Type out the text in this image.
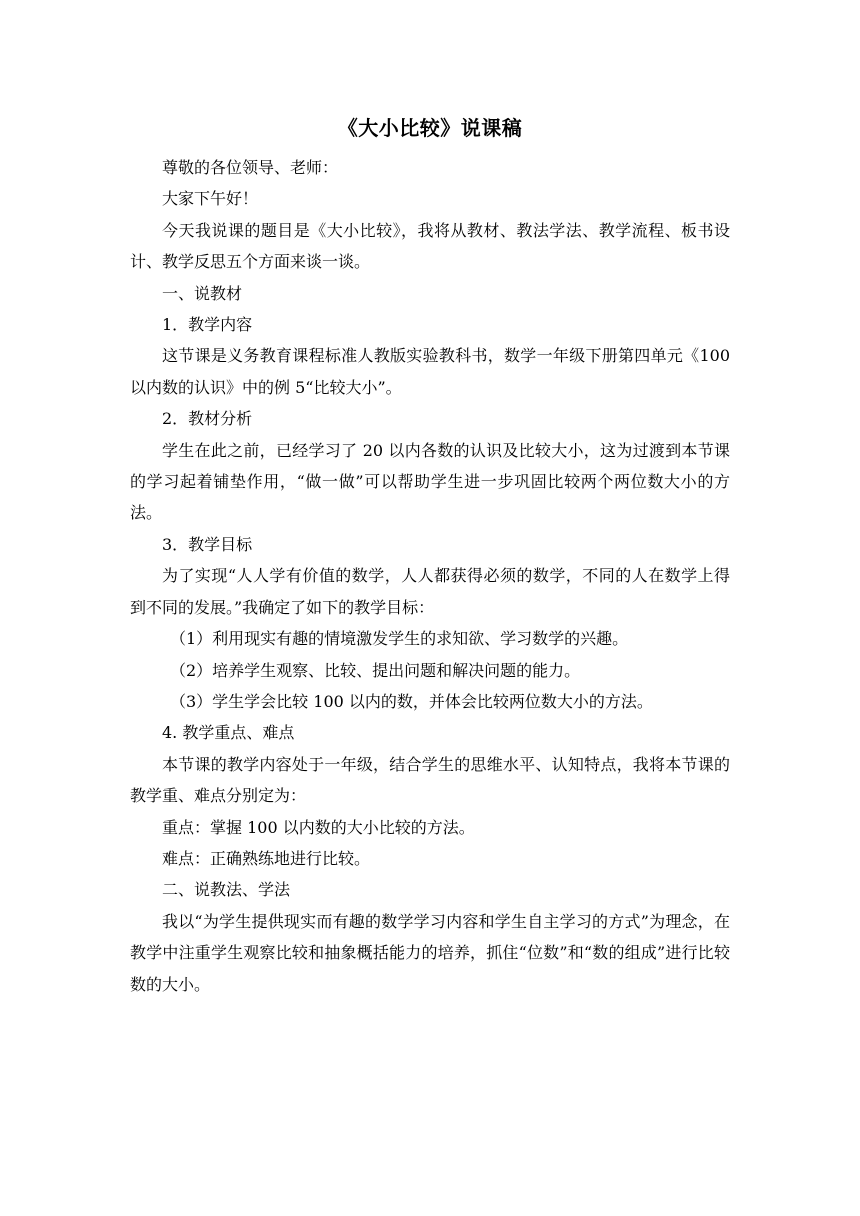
《大小比较》说课稿

尊敬的各位领导、老师：

大家下午好！

今天我说课的题目是《大小比较》，我将从教材、教法学法、教学流程、板书设计、教学反思五个方面来谈一谈。

一、说教材

1．教学内容

这节课是义务教育课程标准人教版实验教科书，数学一年级下册第四单元《100 以内数的认识》中的例 5“比较大小”。

2．教材分析

学生在此之前，已经学习了 20 以内各数的认识及比较大小，这为过渡到本节课的学习起着铺垫作用，“做一做”可以帮助学生进一步巩固比较两个两位数大小的方法。

3．教学目标

为了实现“人人学有价值的数学，人人都获得必须的数学，不同的人在数学上得到不同的发展。”我确定了如下的教学目标：

（1）利用现实有趣的情境激发学生的求知欲、学习数学的兴趣。

（2）培养学生观察、比较、提出问题和解决问题的能力。

（3）学生学会比较 100 以内的数，并体会比较两位数大小的方法。

4. 教学重点、难点

本节课的教学内容处于一年级，结合学生的思维水平、认知特点，我将本节课的教学重、难点分别定为：

重点：掌握 100 以内数的大小比较的方法。

难点：正确熟练地进行比较。

二、说教法、学法

我以“为学生提供现实而有趣的数学学习内容和学生自主学习的方式”为理念，在教学中注重学生观察比较和抽象概括能力的培养，抓住“位数”和“数的组成”进行比较数的大小。
